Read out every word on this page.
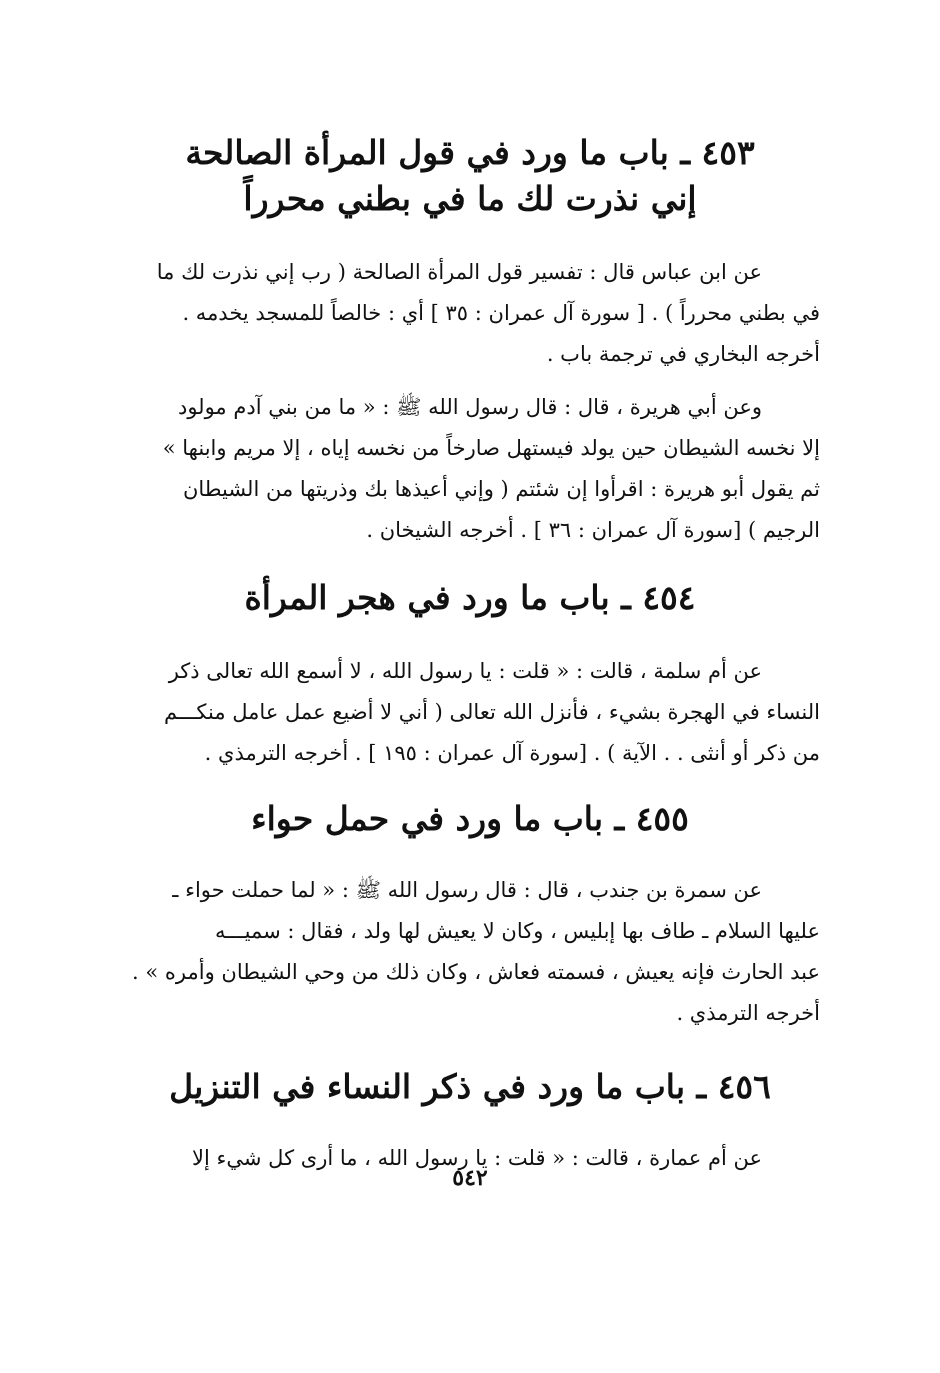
٤٥٣ ـ باب ما ورد في قول المرأة الصالحة
إني نذرت لك ما في بطني محرراً

عن ابن عباس قال : تفسير قول المرأة الصالحة ( رب إني نذرت لك ما
في بطني محرراً ) . [ سورة آل عمران : ٣٥ ] أي : خالصاً للمسجد يخدمه .
أخرجه البخاري في ترجمة باب .

وعن أبي هريرة ، قال : قال رسول الله ﷺ : « ما من بني آدم مولود
إلا نخسه الشيطان حين يولد فيستهل صارخاً من نخسه إياه ، إلا مريم وابنها »
ثم يقول أبو هريرة : اقرأوا إن شئتم ( وإني أعيذها بك وذريتها من الشيطان
الرجيم ) [سورة آل عمران : ٣٦ ] . أخرجه الشيخان .

٤٥٤ ـ باب ما ورد في هجر المرأة

عن أم سلمة ، قالت : « قلت : يا رسول الله ، لا أسمع الله تعالى ذكر
النساء في الهجرة بشيء ، فأنزل الله تعالى ( أني لا أضيع عمل عامل منكـــم
من ذكر أو أنثى . . الآية ) . [سورة آل عمران : ١٩٥ ] . أخرجه الترمذي .

٤٥٥ ـ باب ما ورد في حمل حواء

عن سمرة بن جندب ، قال : قال رسول الله ﷺ : « لما حملت حواء ـ
عليها السلام ـ طاف بها إبليس ، وكان لا يعيش لها ولد ، فقال : سميـــه
عبد الحارث فإنه يعيش ، فسمته فعاش ، وكان ذلك من وحي الشيطان وأمره » .
أخرجه الترمذي .

٤٥٦ ـ باب ما ورد في ذكر النساء في التنزيل

عن أم عمارة ، قالت : « قلت : يا رسول الله ، ما أرى كل شيء إلا

٥٤٢
